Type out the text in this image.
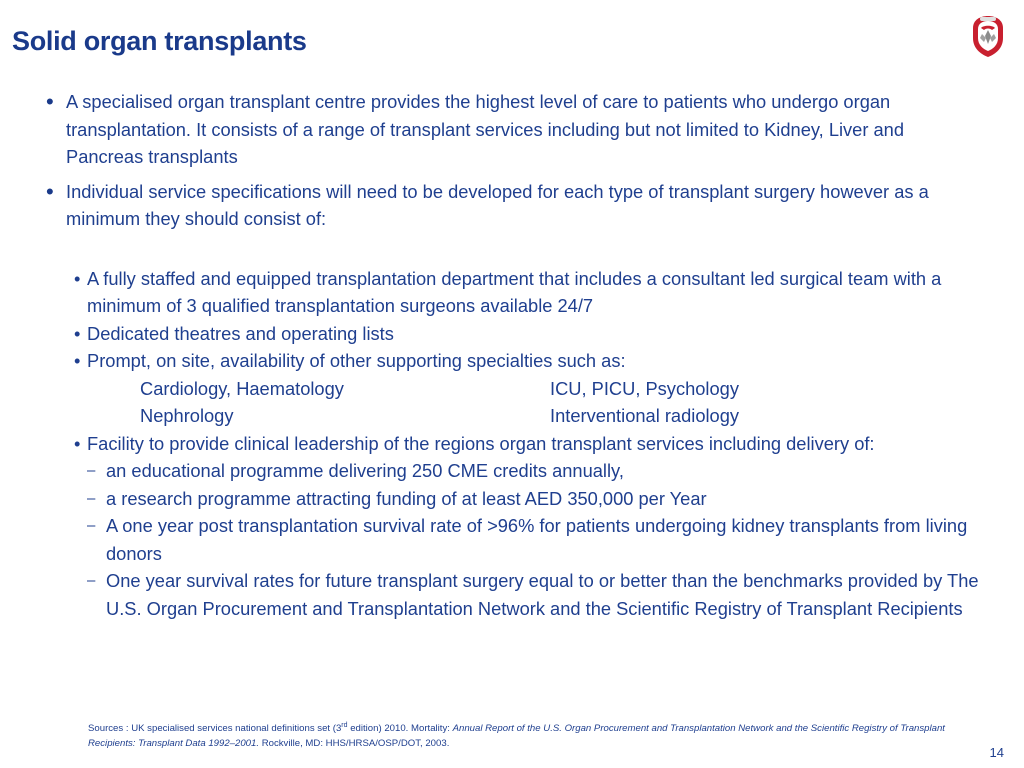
Solid organ transplants
• A specialised organ transplant centre provides the highest level of care to patients who undergo organ transplantation. It consists of a range of transplant services including but not limited to Kidney, Liver and Pancreas transplants
• Individual service specifications will need to be developed for each type of transplant surgery however as a minimum they should consist of:
• A fully staffed and equipped transplantation department that includes a consultant led surgical team with a minimum of 3 qualified transplantation surgeons available 24/7
• Dedicated theatres and operating lists
• Prompt, on site, availability of other supporting specialties such as:
Cardiology, Haematology	ICU, PICU, Psychology
Nephrology	Interventional radiology
• Facility to provide clinical leadership of the regions organ transplant services including delivery of:
– an educational programme delivering 250 CME credits annually,
– a research programme attracting funding of at least AED 350,000 per Year
– A one year post transplantation survival rate of >96% for patients undergoing kidney transplants from living donors
– One year survival rates for future transplant surgery equal to or better than the benchmarks provided by The U.S. Organ Procurement and Transplantation Network and the Scientific Registry of Transplant Recipients
Sources : UK specialised services national definitions set (3rd edition) 2010. Mortality: Annual Report of the U.S. Organ Procurement and Transplantation Network and the Scientific Registry of Transplant Recipients: Transplant Data 1992–2001. Rockville, MD: HHS/HRSA/OSP/DOT, 2003.
14
